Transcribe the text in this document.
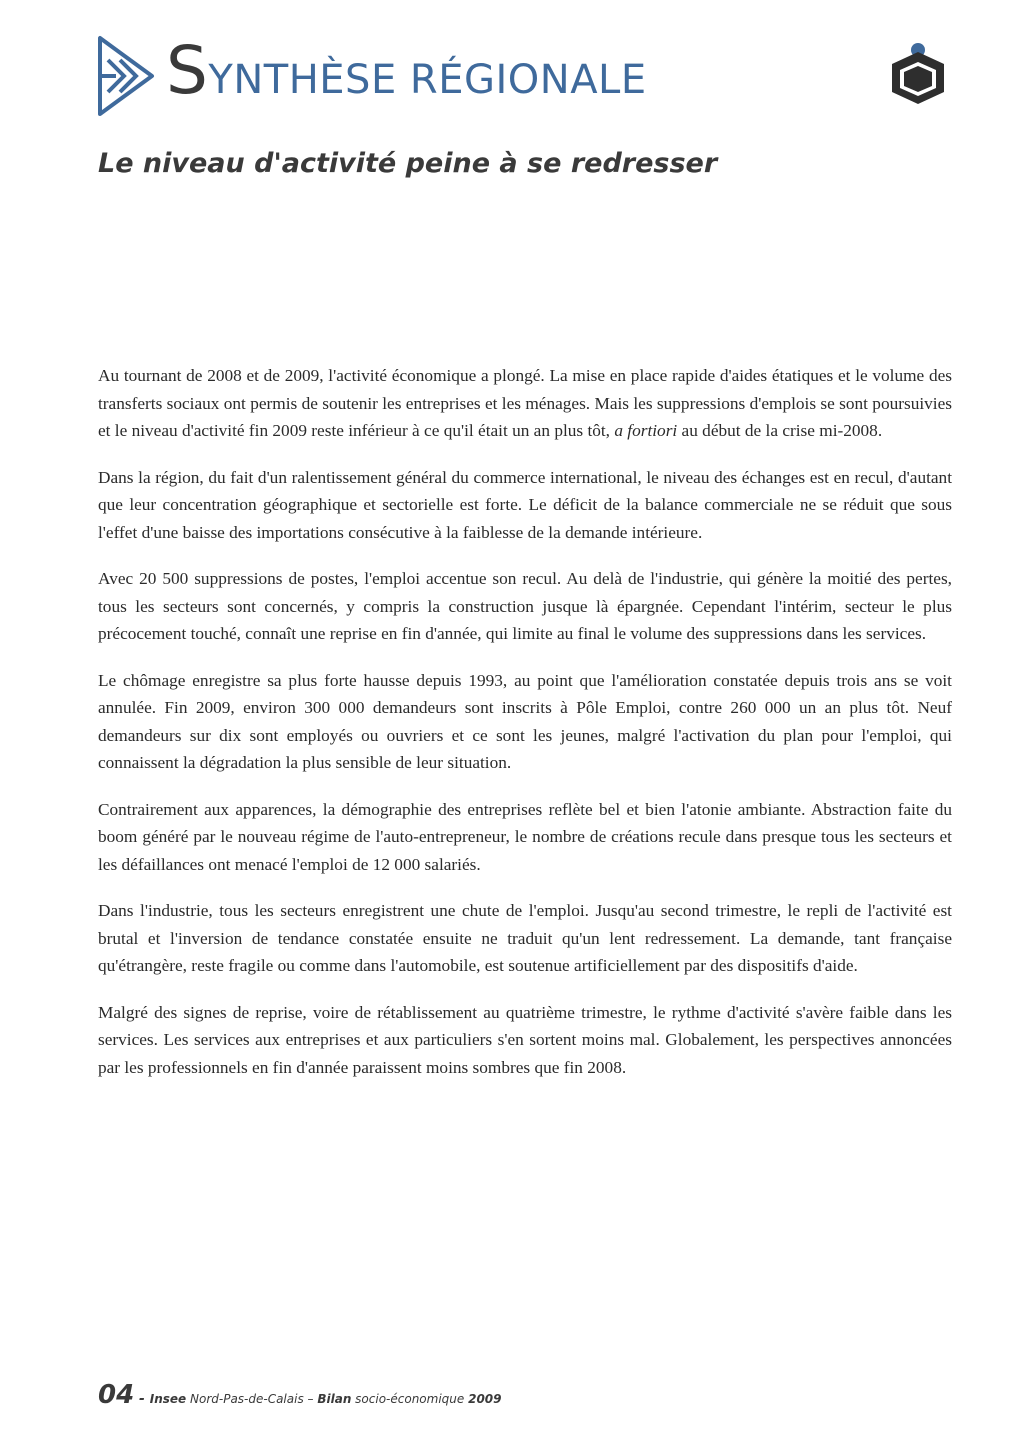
SYNTHÈSE RÉGIONALE
Le niveau d'activité peine à se redresser

Au tournant de 2008 et de 2009, l'activité économique a plongé. La mise en place rapide d'aides étatiques et le volume des transferts sociaux ont permis de soutenir les entreprises et les ménages. Mais les suppressions d'emplois se sont poursuivies et le niveau d'activité fin 2009 reste inférieur à ce qu'il était un an plus tôt, a fortiori au début de la crise mi-2008.

Dans la région, du fait d'un ralentissement général du commerce international, le niveau des échanges est en recul, d'autant que leur concentration géographique et sectorielle est forte. Le déficit de la balance commerciale ne se réduit que sous l'effet d'une baisse des importations consécutive à la faiblesse de la demande intérieure.

Avec 20 500 suppressions de postes, l'emploi accentue son recul. Au delà de l'industrie, qui génère la moitié des pertes, tous les secteurs sont concernés, y compris la construction jusque là épargnée. Cependant l'intérim, secteur le plus précocement touché, connaît une reprise en fin d'année, qui limite au final le volume des suppressions dans les services.

Le chômage enregistre sa plus forte hausse depuis 1993, au point que l'amélioration constatée depuis trois ans se voit annulée. Fin 2009, environ 300 000 demandeurs sont inscrits à Pôle Emploi, contre 260 000 un an plus tôt. Neuf demandeurs sur dix sont employés ou ouvriers et ce sont les jeunes, malgré l'activation du plan pour l'emploi, qui connaissent la dégradation la plus sensible de leur situation.

Contrairement aux apparences, la démographie des entreprises reflète bel et bien l'atonie ambiante. Abstraction faite du boom généré par le nouveau régime de l'auto-entrepreneur, le nombre de créations recule dans presque tous les secteurs et les défaillances ont menacé l'emploi de 12 000 salariés.

Dans l'industrie, tous les secteurs enregistrent une chute de l'emploi. Jusqu'au second trimestre, le repli de l'activité est brutal et l'inversion de tendance constatée ensuite ne traduit qu'un lent redressement. La demande, tant française qu'étrangère, reste fragile ou comme dans l'automobile, est soutenue artificiellement par des dispositifs d'aide.

Malgré des signes de reprise, voire de rétablissement au quatrième trimestre, le rythme d'activité s'avère faible dans les services. Les services aux entreprises et aux particuliers s'en sortent moins mal. Globalement, les perspectives annoncées par les professionnels en fin d'année paraissent moins sombres que fin 2008.

04 - Insee Nord-Pas-de-Calais – Bilan socio-économique 2009
